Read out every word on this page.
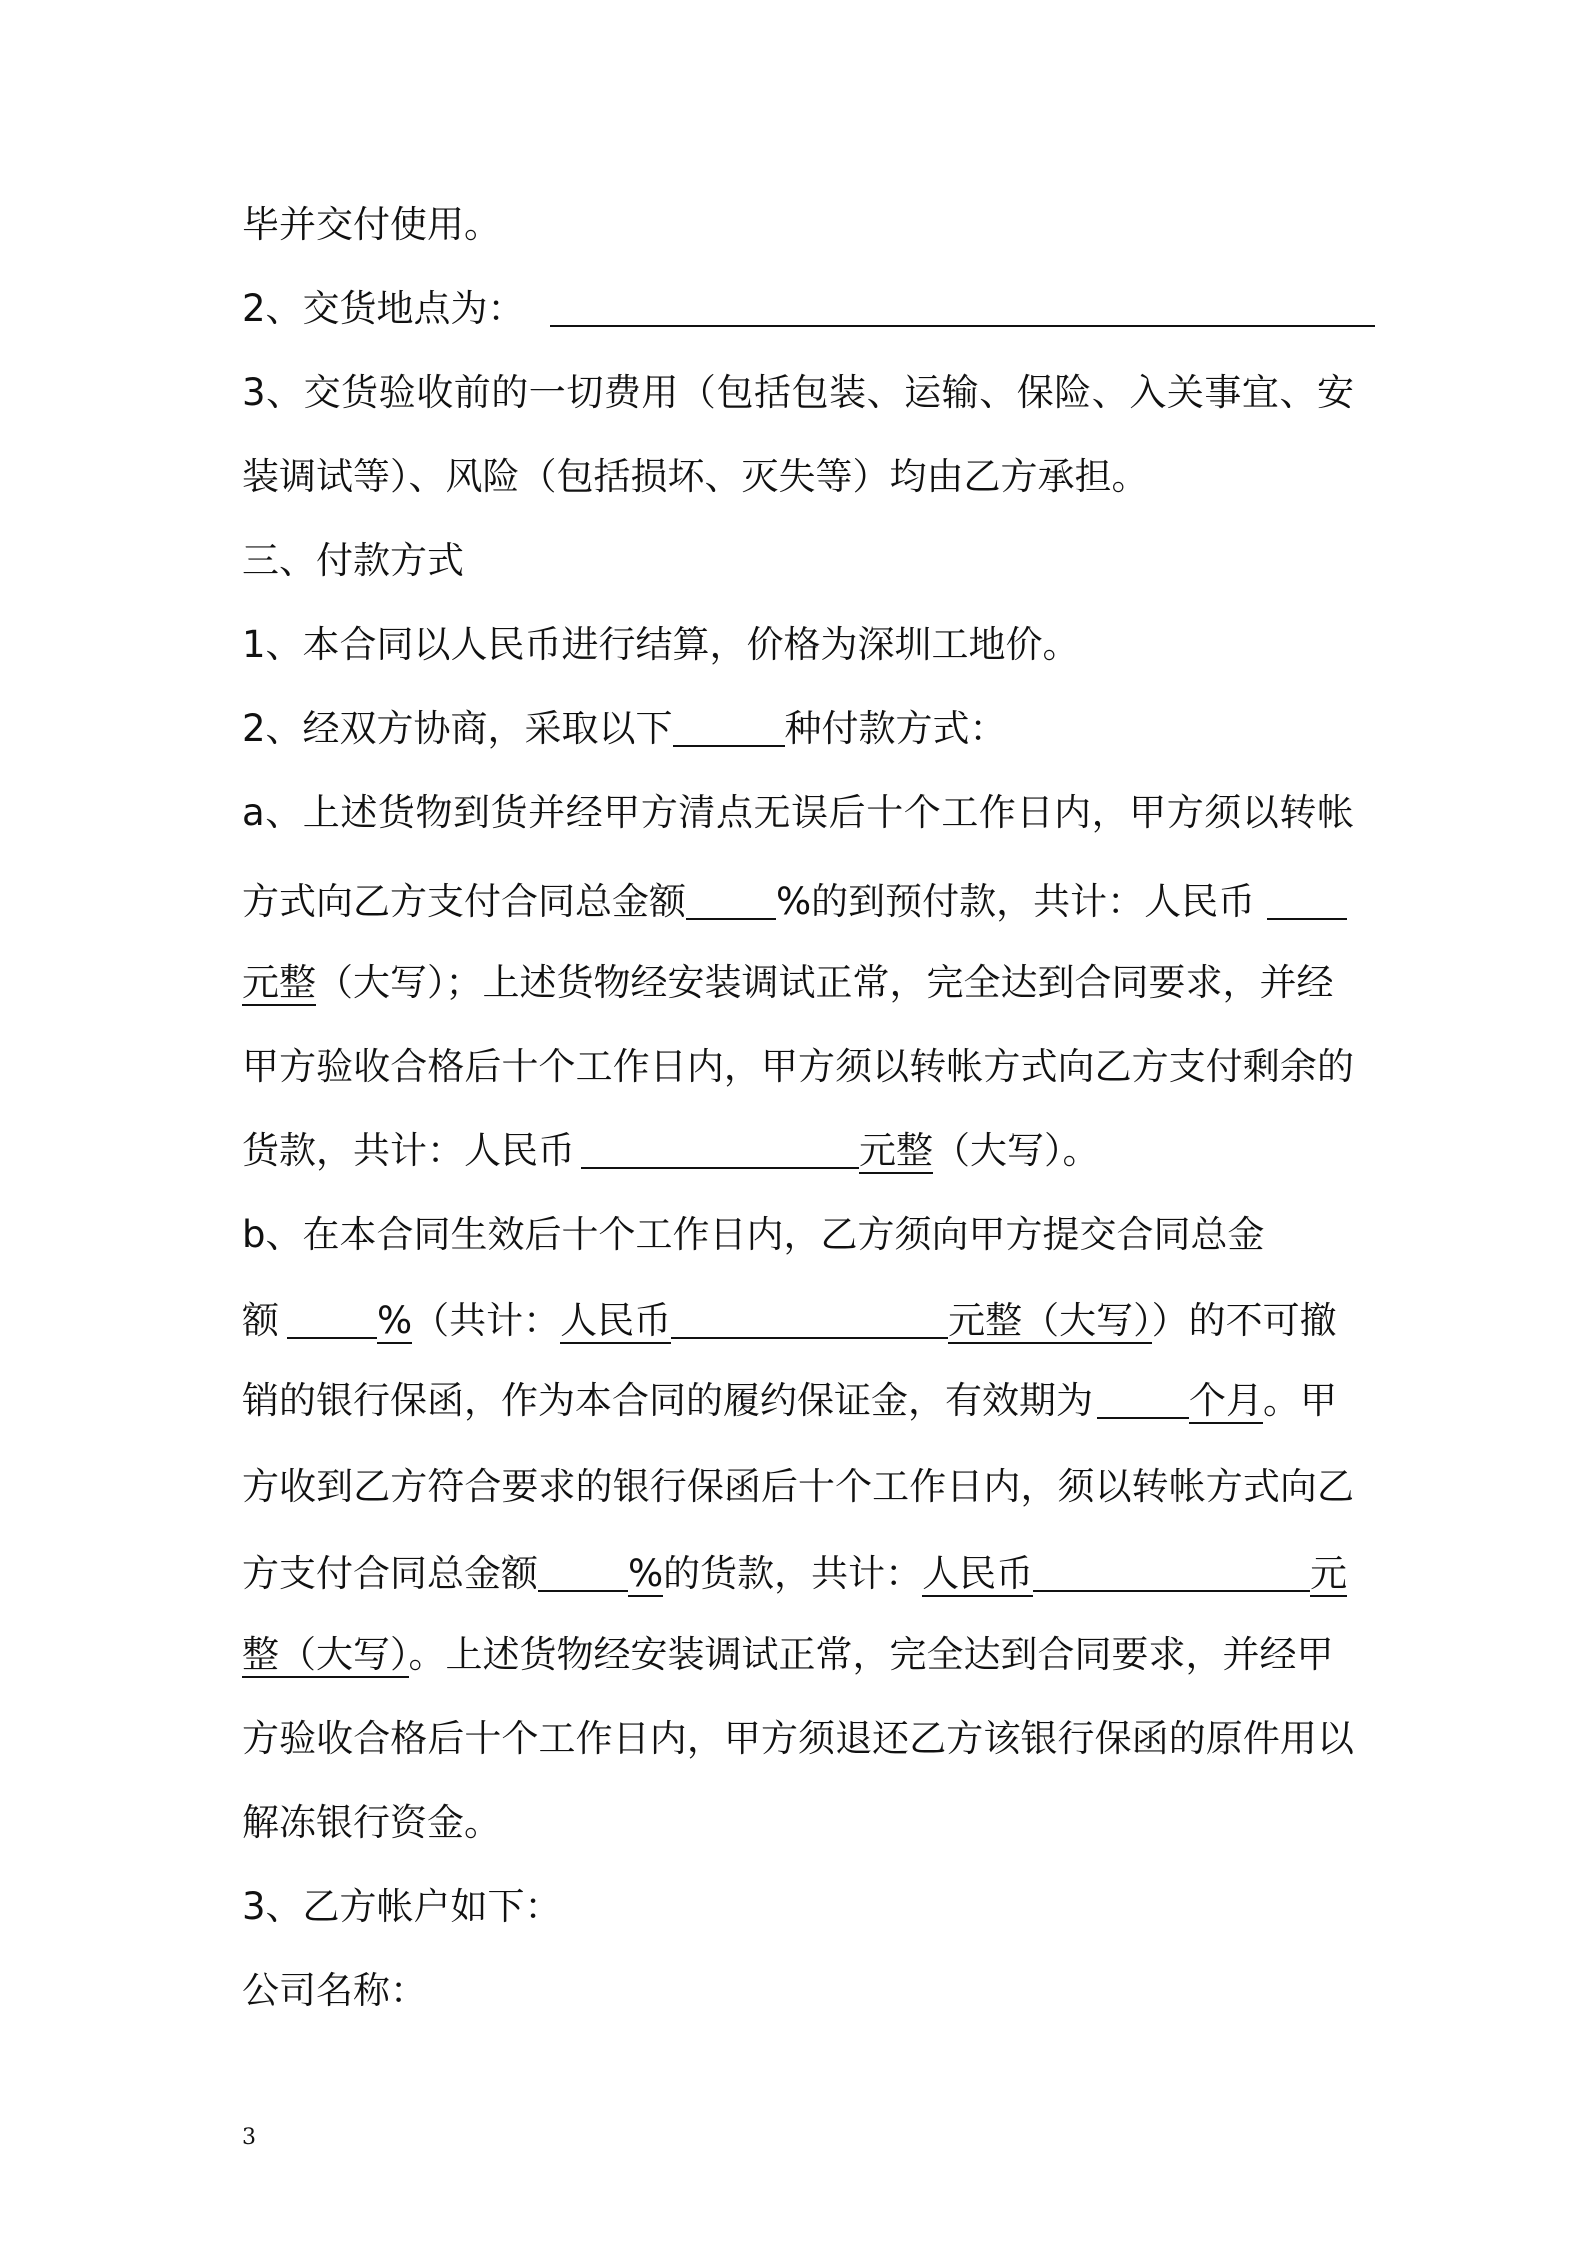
毕并交付使用。
2、交货地点为：
3、交货验收前的一切费用（包括包装、运输、保险、入关事宜、安
装调试等）、风险（包括损坏、灭失等）均由乙方承担。
三、付款方式
1、本合同以人民币进行结算，价格为深圳工地价。
2、经双方协商，采取以下	种付款方式：
a、上述货物到货并经甲方清点无误后十个工作日内，甲方须以转帐
方式向乙方支付合同总金额 %的到预付款，共计：人民币
元整（大写）；上述货物经安装调试正常，完全达到合同要求，并经
甲方验收合格后十个工作日内，甲方须以转帐方式向乙方支付剩余的
货款，共计：人民币	元整（大写）。
b、在本合同生效后十个工作日内，乙方须向甲方提交合同总金
额	%（共计：人民币	元整（大写））的不可撤
销的银行保函，作为本合同的履约保证金，有效期为	个月。甲
方收到乙方符合要求的银行保函后十个工作日内，须以转帐方式向乙
方支付合同总金额 %的货款，共计：人民币	元
整（大写）。上述货物经安装调试正常，完全达到合同要求，并经甲
方验收合格后十个工作日内，甲方须退还乙方该银行保函的原件用以
解冻银行资金。
3、乙方帐户如下：
公司名称：
3
